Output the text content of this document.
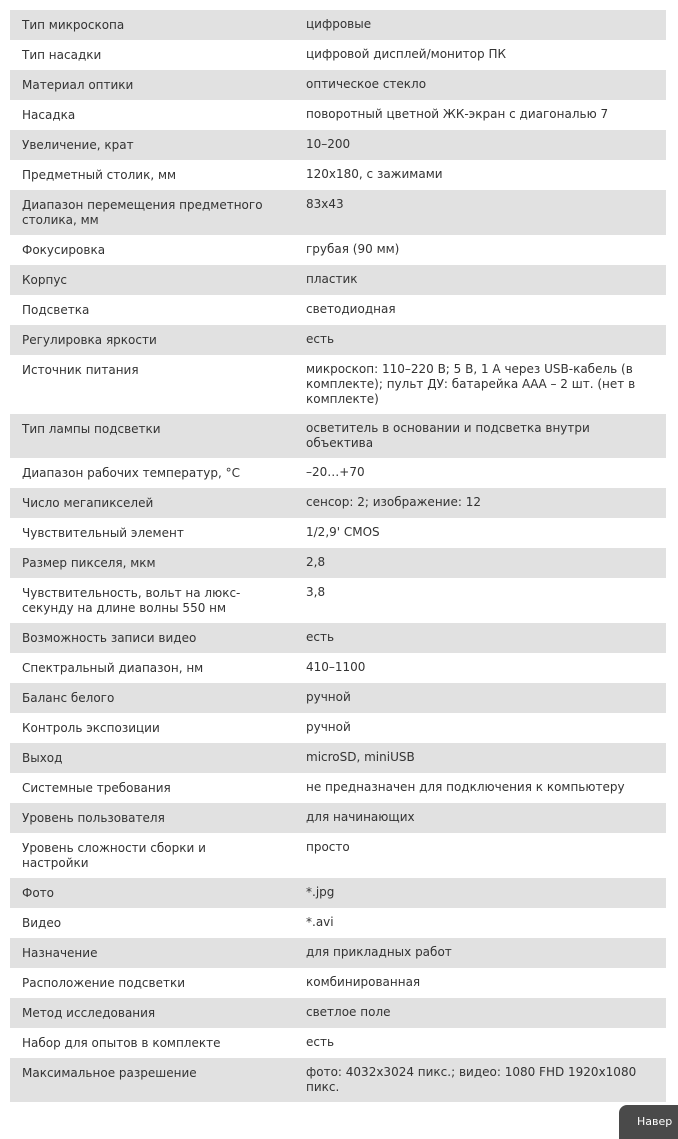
Тип микроскопа	цифровые
Тип насадки	цифровой дисплей/монитор ПК
Материал оптики	оптическое стекло
Насадка	поворотный цветной ЖК-экран с диагональю 7
Увеличение, крат	10–200
Предметный столик, мм	120x180, с зажимами
Диапазон перемещения предметного столика, мм	83x43
Фокусировка	грубая (90 мм)
Корпус	пластик
Подсветка	светодиодная
Регулировка яркости	есть
Источник питания	микроскоп: 110–220 В; 5 В, 1 А через USB-кабель (в комплекте); пульт ДУ: батарейка ААА – 2 шт. (нет в комплекте)
Тип лампы подсветки	осветитель в основании и подсветка внутри объектива
Диапазон рабочих температур, °С	–20…+70
Число мегапикселей	сенсор: 2; изображение: 12
Чувствительный элемент	1/2,9' CMOS
Размер пикселя, мкм	2,8
Чувствительность, вольт на люкс-секунду на длине волны 550 нм	3,8
Возможность записи видео	есть
Спектральный диапазон, нм	410–1100
Баланс белого	ручной
Контроль экспозиции	ручной
Выход	microSD, miniUSB
Системные требования	не предназначен для подключения к компьютеру
Уровень пользователя	для начинающих
Уровень сложности сборки и настройки	просто
Фото	*.jpg
Видео	*.avi
Назначение	для прикладных работ
Расположение подсветки	комбинированная
Метод исследования	светлое поле
Набор для опытов в комплекте	есть
Максимальное разрешение	фото: 4032x3024 пикс.; видео: 1080 FHD 1920x1080 пикс.
Навер
